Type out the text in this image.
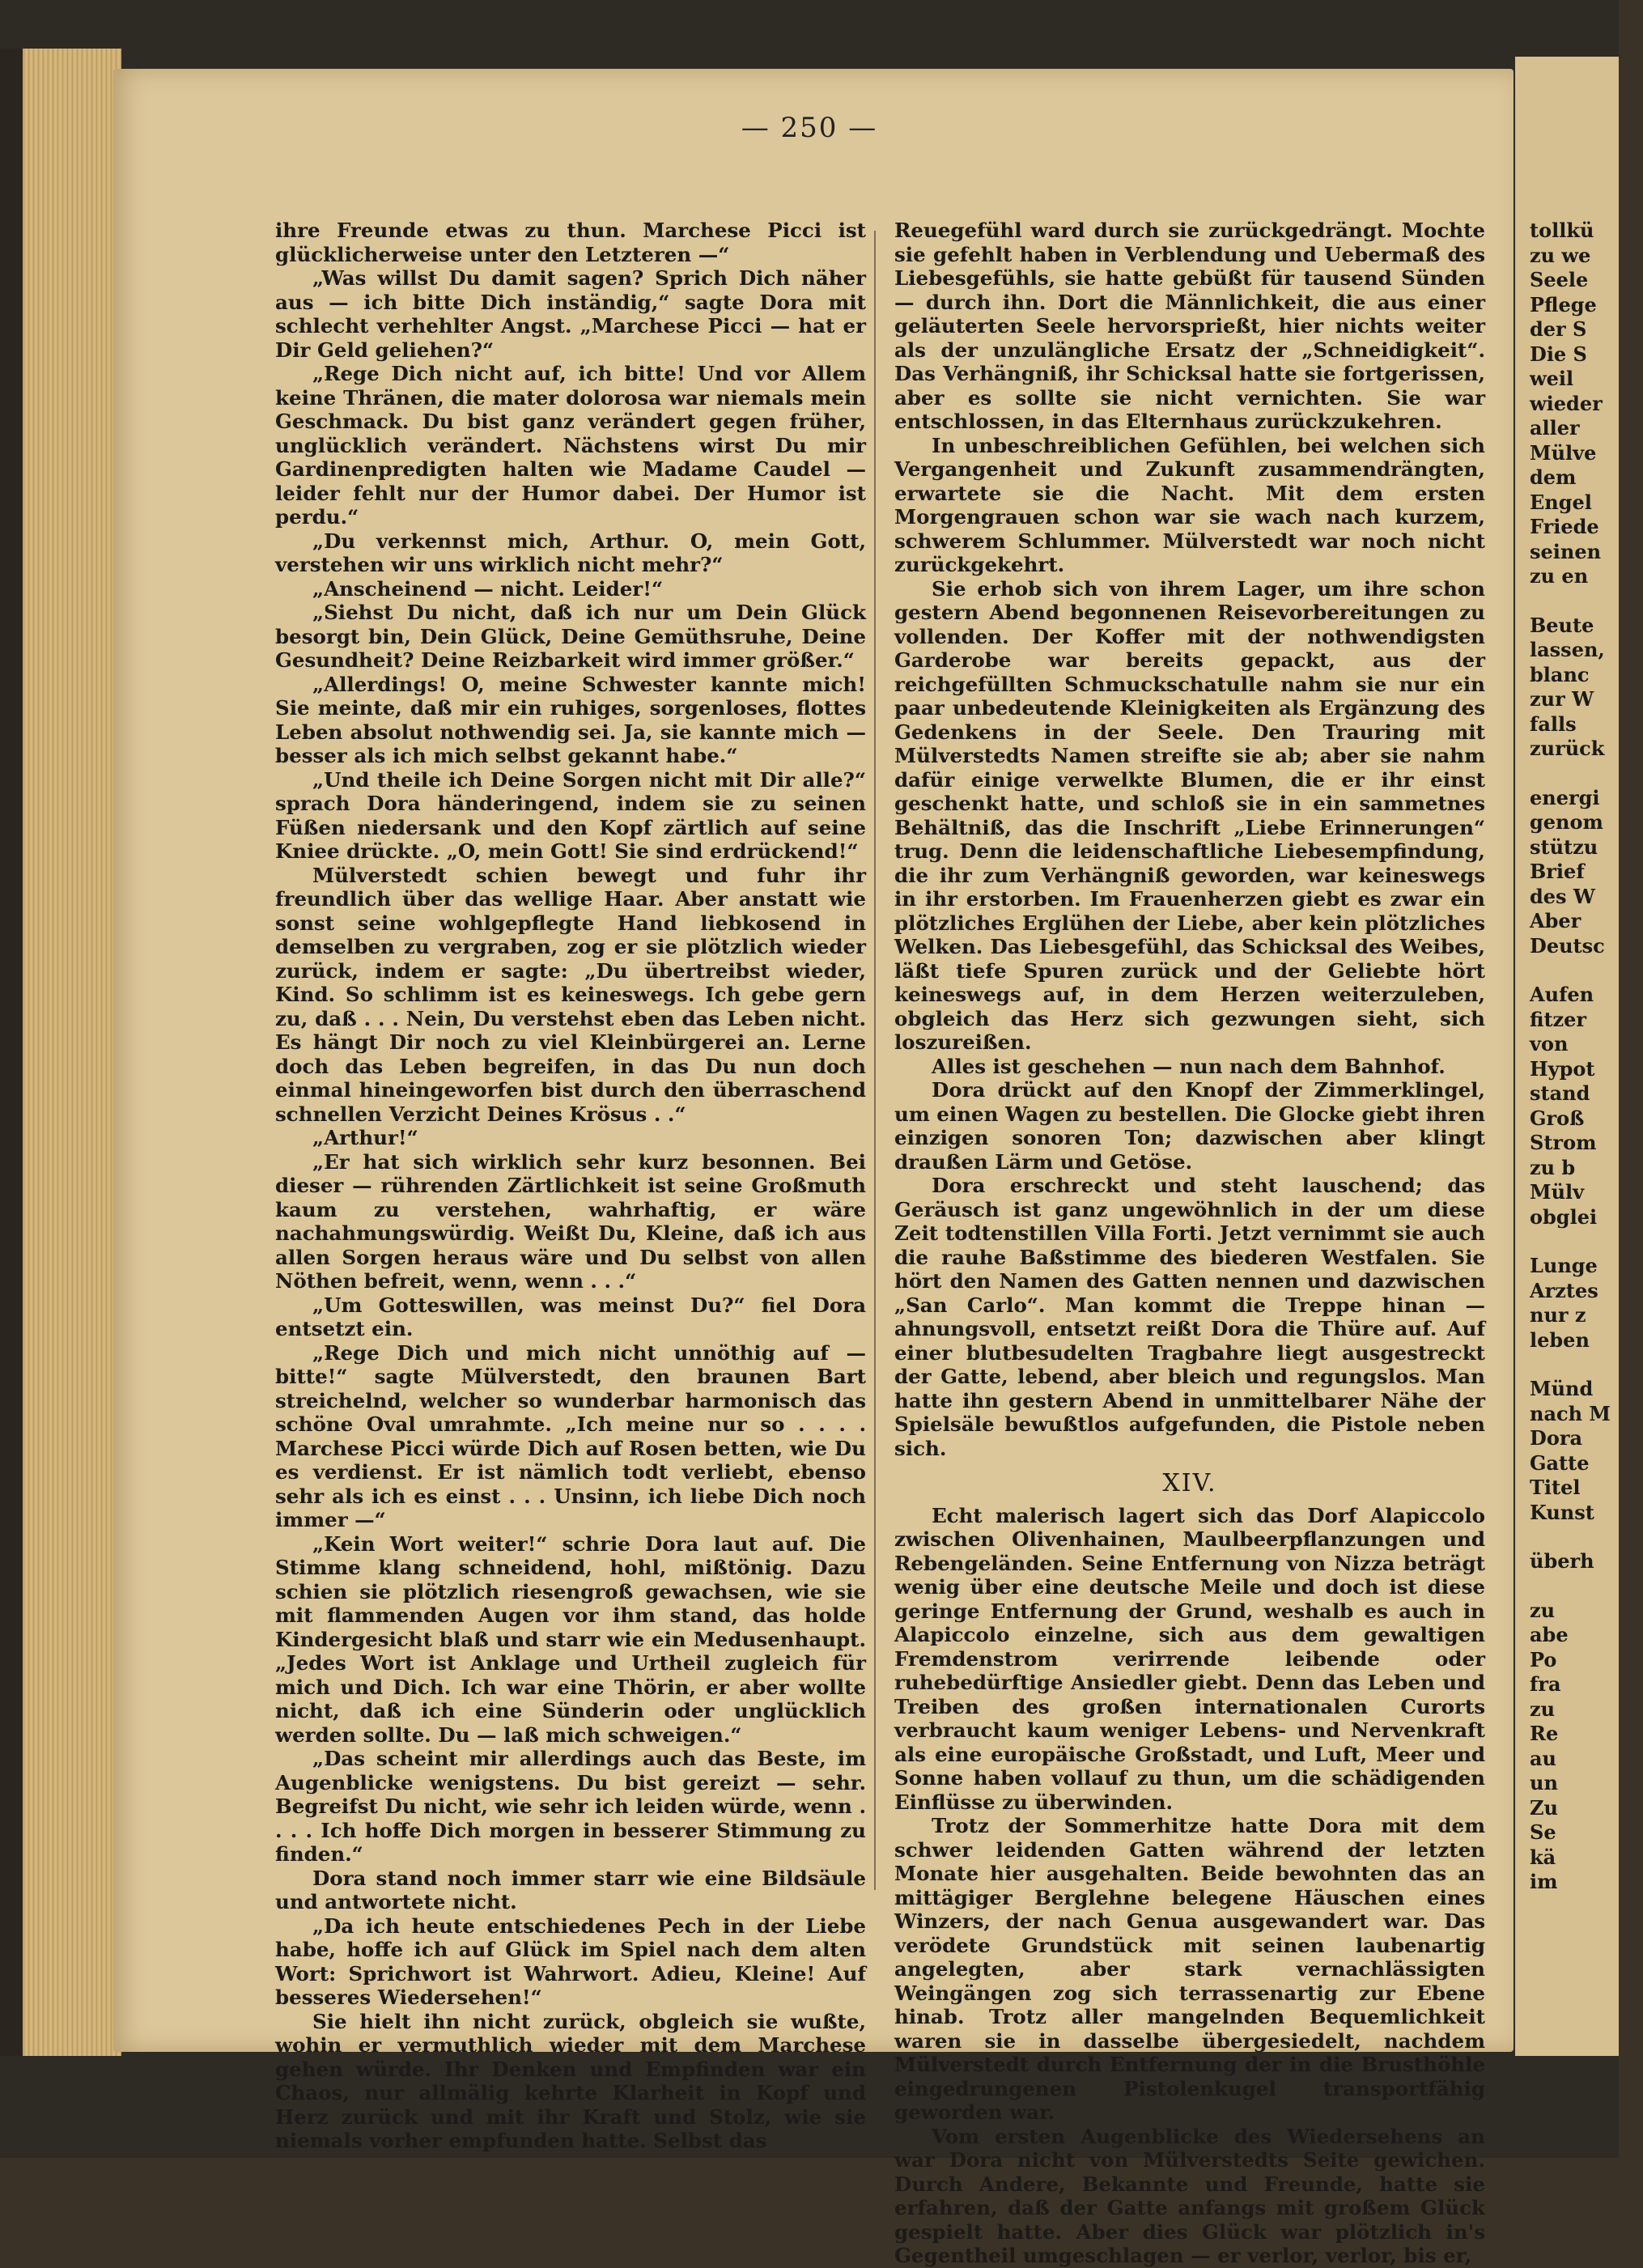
tollkü
zu we
Seele
Pflege
der S
Die S
weil
wieder
aller
Mülve
dem
Engel
Friede
seinen
zu en
Beute
lassen,
blanc
zur W
falls
zurück
energi
genom
stützu
Brief
des W
Aber
Deutsc
Aufen
fitzer
von
Hypot
stand
Groß
Strom
zu b
Mülv
obglei
Lunge
Arztes
nur z
leben
Münd
nach M
Dora
Gatte
Titel
Kunst
überh
zu
abe
Po
fra
zu
Re
au
un
Zu
Se
kä
im
— 250 —

ihre Freunde etwas zu thun. Marchese Picci ist glücklicherweise unter den Letzteren —“

„Was willst Du damit sagen? Sprich Dich näher aus — ich bitte Dich inständig,“ sagte Dora mit schlecht verhehlter Angst. „Marchese Picci — hat er Dir Geld geliehen?“

„Rege Dich nicht auf, ich bitte! Und vor Allem keine Thränen, die mater dolorosa war niemals mein Geschmack. Du bist ganz verändert gegen früher, unglücklich verändert. Nächstens wirst Du mir Gardinenpredigten halten wie Madame Caudel — leider fehlt nur der Humor dabei. Der Humor ist perdu.“

„Du verkennst mich, Arthur. O, mein Gott, verstehen wir uns wirklich nicht mehr?“

„Anscheinend — nicht. Leider!“

„Siehst Du nicht, daß ich nur um Dein Glück besorgt bin, Dein Glück, Deine Gemüthsruhe, Deine Gesundheit? Deine Reizbarkeit wird immer größer.“

„Allerdings! O, meine Schwester kannte mich! Sie meinte, daß mir ein ruhiges, sorgenloses, flottes Leben absolut nothwendig sei. Ja, sie kannte mich — besser als ich mich selbst gekannt habe.“

„Und theile ich Deine Sorgen nicht mit Dir alle?“ sprach Dora händeringend, indem sie zu seinen Füßen niedersank und den Kopf zärtlich auf seine Kniee drückte. „O, mein Gott! Sie sind erdrückend!“

Mülverstedt schien bewegt und fuhr ihr freundlich über das wellige Haar. Aber anstatt wie sonst seine wohlgepflegte Hand liebkosend in demselben zu vergraben, zog er sie plötzlich wieder zurück, indem er sagte: „Du übertreibst wieder, Kind. So schlimm ist es keineswegs. Ich gebe gern zu, daß . . . Nein, Du verstehst eben das Leben nicht. Es hängt Dir noch zu viel Kleinbürgerei an. Lerne doch das Leben begreifen, in das Du nun doch einmal hineingeworfen bist durch den überraschend schnellen Verzicht Deines Krösus . .“

„Arthur!“

„Er hat sich wirklich sehr kurz besonnen. Bei dieser — rührenden Zärtlichkeit ist seine Großmuth kaum zu verstehen, wahrhaftig, er wäre nachahmungswürdig. Weißt Du, Kleine, daß ich aus allen Sorgen heraus wäre und Du selbst von allen Nöthen befreit, wenn, wenn . . .“

„Um Gotteswillen, was meinst Du?“ fiel Dora entsetzt ein.

„Rege Dich und mich nicht unnöthig auf — bitte!“ sagte Mülverstedt, den braunen Bart streichelnd, welcher so wunderbar harmonisch das schöne Oval umrahmte. „Ich meine nur so . . . . Marchese Picci würde Dich auf Rosen betten, wie Du es verdienst. Er ist nämlich todt verliebt, ebenso sehr als ich es einst . . . Unsinn, ich liebe Dich noch immer —“

„Kein Wort weiter!“ schrie Dora laut auf. Die Stimme klang schneidend, hohl, mißtönig. Dazu schien sie plötzlich riesengroß gewachsen, wie sie mit flammenden Augen vor ihm stand, das holde Kindergesicht blaß und starr wie ein Medusenhaupt. „Jedes Wort ist Anklage und Urtheil zugleich für mich und Dich. Ich war eine Thörin, er aber wollte nicht, daß ich eine Sünderin oder unglücklich werden sollte. Du — laß mich schweigen.“

„Das scheint mir allerdings auch das Beste, im Augenblicke wenigstens. Du bist gereizt — sehr. Begreifst Du nicht, wie sehr ich leiden würde, wenn . . . . Ich hoffe Dich morgen in besserer Stimmung zu finden.“

Dora stand noch immer starr wie eine Bildsäule und antwortete nicht.

„Da ich heute entschiedenes Pech in der Liebe habe, hoffe ich auf Glück im Spiel nach dem alten Wort: Sprichwort ist Wahrwort. Adieu, Kleine! Auf besseres Wiedersehen!“

Sie hielt ihn nicht zurück, obgleich sie wußte, wohin er vermuthlich wieder mit dem Marchese gehen würde. Ihr Denken und Empfinden war ein Chaos, nur allmälig kehrte Klarheit in Kopf und Herz zurück und mit ihr Kraft und Stolz, wie sie niemals vorher empfunden hatte. Selbst das

Reuegefühl ward durch sie zurückgedrängt. Mochte sie gefehlt haben in Verblendung und Uebermaß des Liebesgefühls, sie hatte gebüßt für tausend Sünden — durch ihn. Dort die Männlichkeit, die aus einer geläuterten Seele hervorsprießt, hier nichts weiter als der unzulängliche Ersatz der „Schneidigkeit“. Das Verhängniß, ihr Schicksal hatte sie fortgerissen, aber es sollte sie nicht vernichten. Sie war entschlossen, in das Elternhaus zurückzukehren.

In unbeschreiblichen Gefühlen, bei welchen sich Vergangenheit und Zukunft zusammendrängten, erwartete sie die Nacht. Mit dem ersten Morgengrauen schon war sie wach nach kurzem, schwerem Schlummer. Mülverstedt war noch nicht zurückgekehrt.

Sie erhob sich von ihrem Lager, um ihre schon gestern Abend begonnenen Reisevorbereitungen zu vollenden. Der Koffer mit der nothwendigsten Garderobe war bereits gepackt, aus der reichgefüllten Schmuckschatulle nahm sie nur ein paar unbedeutende Kleinigkeiten als Ergänzung des Gedenkens in der Seele. Den Trauring mit Mülverstedts Namen streifte sie ab; aber sie nahm dafür einige verwelkte Blumen, die er ihr einst geschenkt hatte, und schloß sie in ein sammetnes Behältniß, das die Inschrift „Liebe Erinnerungen“ trug. Denn die leidenschaftliche Liebesempfindung, die ihr zum Verhängniß geworden, war keineswegs in ihr erstorben. Im Frauenherzen giebt es zwar ein plötzliches Erglühen der Liebe, aber kein plötzliches Welken. Das Liebesgefühl, das Schicksal des Weibes, läßt tiefe Spuren zurück und der Geliebte hört keineswegs auf, in dem Herzen weiterzuleben, obgleich das Herz sich gezwungen sieht, sich loszureißen.

Alles ist geschehen — nun nach dem Bahnhof.

Dora drückt auf den Knopf der Zimmerklingel, um einen Wagen zu bestellen. Die Glocke giebt ihren einzigen sonoren Ton; dazwischen aber klingt draußen Lärm und Getöse.

Dora erschreckt und steht lauschend; das Geräusch ist ganz ungewöhnlich in der um diese Zeit todtenstillen Villa Forti. Jetzt vernimmt sie auch die rauhe Baßstimme des biederen Westfalen. Sie hört den Namen des Gatten nennen und dazwischen „San Carlo“. Man kommt die Treppe hinan — ahnungsvoll, entsetzt reißt Dora die Thüre auf. Auf einer blutbesudelten Tragbahre liegt ausgestreckt der Gatte, lebend, aber bleich und regungslos. Man hatte ihn gestern Abend in unmittelbarer Nähe der Spielsäle bewußtlos aufgefunden, die Pistole neben sich.

XIV.

Echt malerisch lagert sich das Dorf Alapiccolo zwischen Olivenhainen, Maulbeerpflanzungen und Rebengeländen. Seine Entfernung von Nizza beträgt wenig über eine deutsche Meile und doch ist diese geringe Entfernung der Grund, weshalb es auch in Alapiccolo einzelne, sich aus dem gewaltigen Fremdenstrom verirrende leibende oder ruhebedürftige Ansiedler giebt. Denn das Leben und Treiben des großen internationalen Curorts verbraucht kaum weniger Lebens- und Nervenkraft als eine europäische Großstadt, und Luft, Meer und Sonne haben vollauf zu thun, um die schädigenden Einflüsse zu überwinden.

Trotz der Sommerhitze hatte Dora mit dem schwer leidenden Gatten während der letzten Monate hier ausgehalten. Beide bewohnten das an mittägiger Berglehne belegene Häuschen eines Winzers, der nach Genua ausgewandert war. Das verödete Grundstück mit seinen laubenartig angelegten, aber stark vernachlässigten Weingängen zog sich terrassenartig zur Ebene hinab. Trotz aller mangelnden Bequemlichkeit waren sie in dasselbe übergesiedelt, nachdem Mülverstedt durch Entfernung der in die Brusthöhle eingedrungenen Pistolenkugel transportfähig geworden war.

Vom ersten Augenblicke des Wiedersehens an war Dora nicht von Mülverstedts Seite gewichen. Durch Andere, Bekannte und Freunde, hatte sie erfahren, daß der Gatte anfangs mit großem Glück gespielt hatte. Aber dies Glück war plötzlich in's Gegentheil umgeschlagen — er verlor, verlor, bis er,
